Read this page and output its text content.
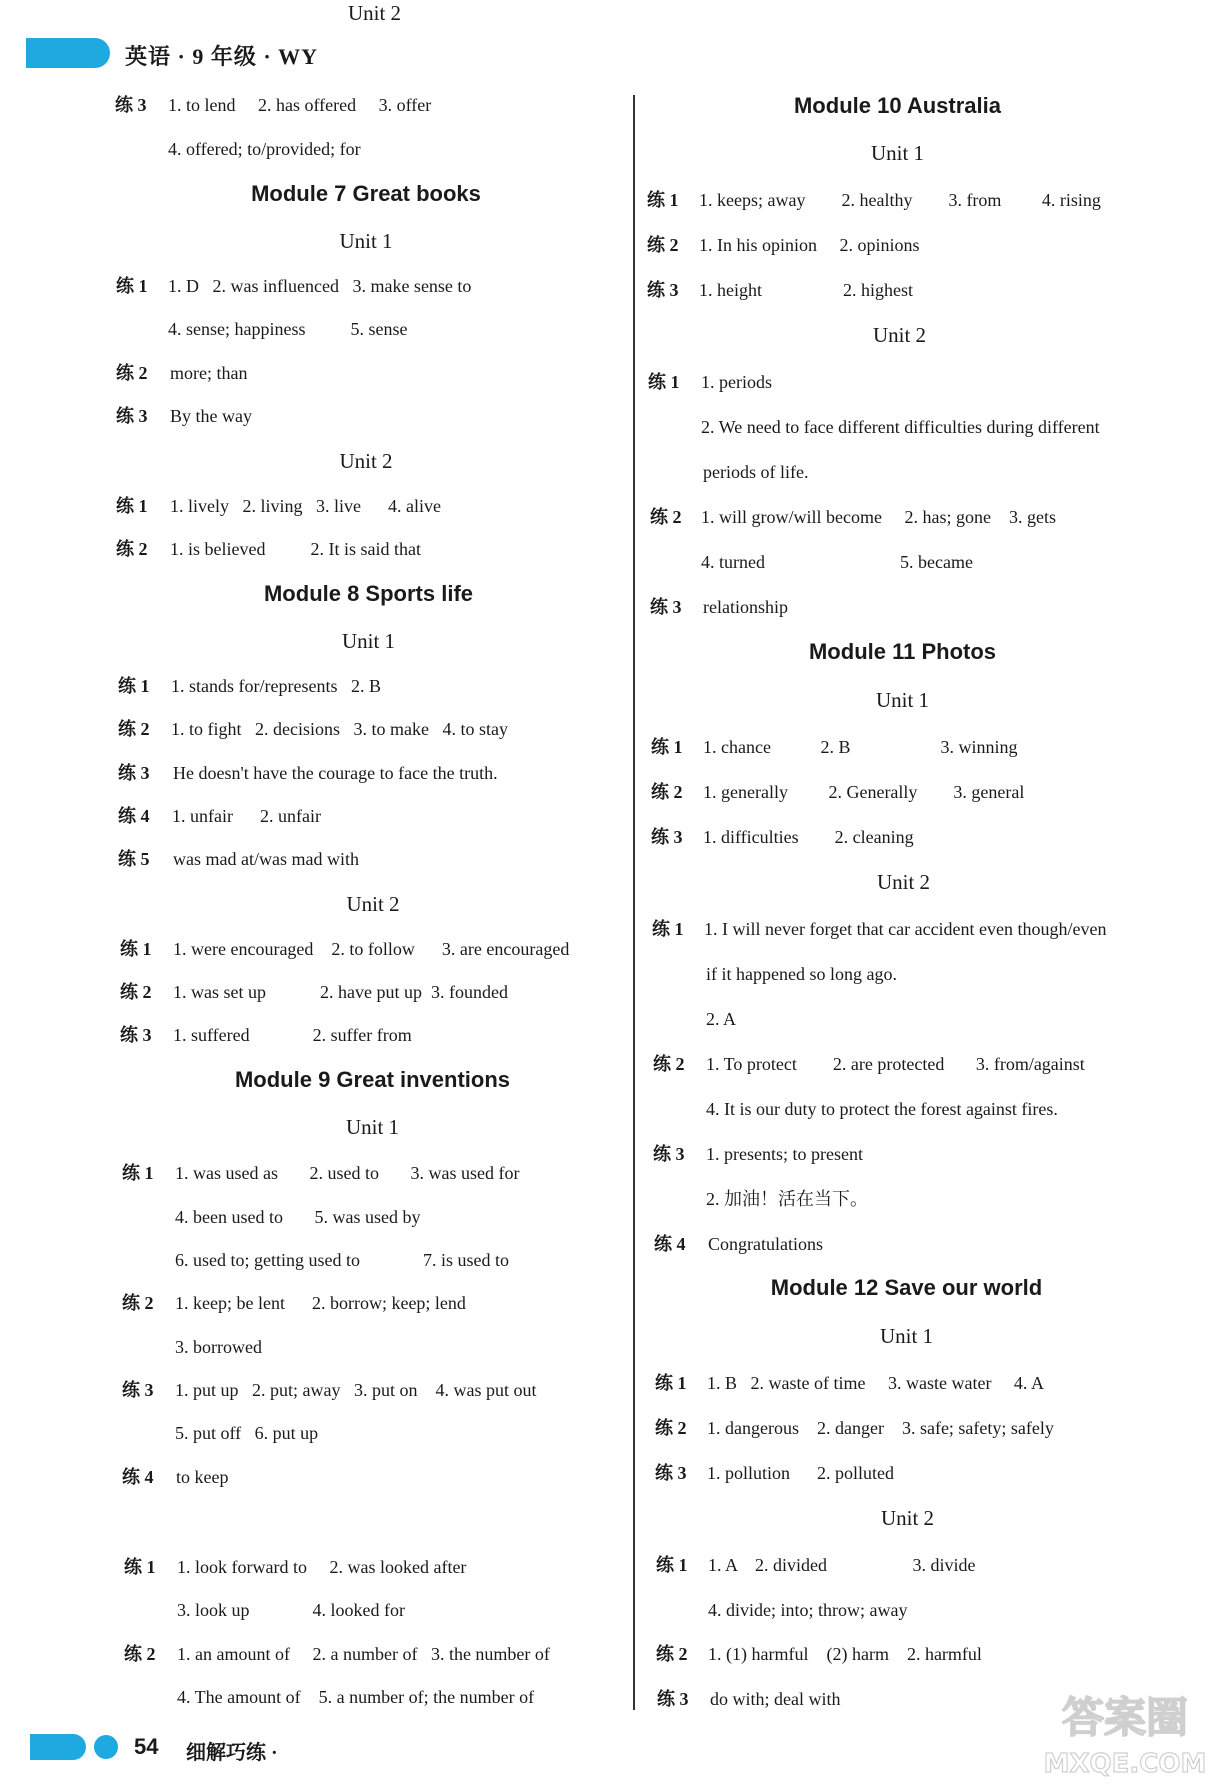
英语 · 9 年级 · WY
练 3 1. to lend     2. has offered     3. offer
4. offered; to/provided; for
Module 7 Great books
Unit 1
练 1 1. D   2. was influenced   3. make sense to
4. sense; happiness          5. sense
练 2 more; than
练 3 By the way
Unit 2
练 1 1. lively   2. living   3. live      4. alive
练 2 1. is believed          2. It is said that
Module 8 Sports life
Unit 1
练 1 1. stands for/represents   2. B
练 2 1. to fight   2. decisions   3. to make   4. to stay
练 3 He doesn't have the courage to face the truth.
练 4 1. unfair      2. unfair
练 5 was mad at/was mad with
Unit 2
练 1 1. were encouraged    2. to follow      3. are encouraged
练 2 1. was set up            2. have put up  3. founded
练 3 1. suffered              2. suffer from
Module 9 Great inventions
Unit 1
练 1 1. was used as       2. used to       3. was used for
4. been used to       5. was used by
6. used to; getting used to              7. is used to
练 2 1. keep; be lent      2. borrow; keep; lend
3. borrowed
练 3 1. put up   2. put; away   3. put on    4. was put out
5. put off   6. put up
练 4 to keep
Unit 2
练 1 1. look forward to     2. was looked after
3. look up              4. looked for
练 2 1. an amount of     2. a number of   3. the number of
4. The amount of    5. a number of; the number of
Module 10 Australia
Unit 1
练 1 1. keeps; away        2. healthy        3. from         4. rising
练 2 1. In his opinion     2. opinions
练 3 1. height                  2. highest
Unit 2
练 1 1. periods
2. We need to face different difficulties during different
periods of life.
练 2 1. will grow/will become     2. has; gone    3. gets
4. turned                              5. became
练 3 relationship
Module 11 Photos
Unit 1
练 1 1. chance           2. B                    3. winning
练 2 1. generally         2. Generally        3. general
练 3 1. difficulties        2. cleaning
Unit 2
练 1 1. I will never forget that car accident even though/even
if it happened so long ago.
2. A
练 2 1. To protect        2. are protected       3. from/against
4. It is our duty to protect the forest against fires.
练 3 1. presents; to present
2. 加油！活在当下。
练 4 Congratulations
Module 12 Save our world
Unit 1
练 1 1. B   2. waste of time     3. waste water     4. A
练 2 1. dangerous    2. danger    3. safe; safety; safely
练 3 1. pollution      2. polluted
Unit 2
练 1 1. A    2. divided                   3. divide
4. divide; into; throw; away
练 2 1. (1) harmful    (2) harm    2. harmful
练 3 do with; deal with
54 细解巧练 ·
答案圈
MXQE.COM
